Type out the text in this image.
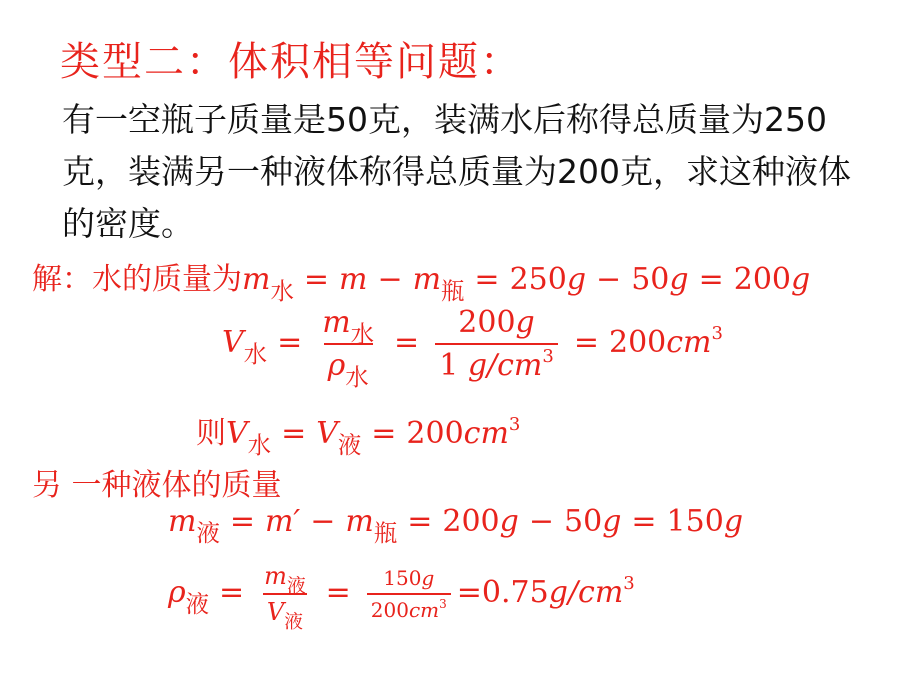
类型二：体积相等问题：
有一空瓶子质量是50克，装满水后称得总质量为250克，装满另一种液体称得总质量为200克，求这种液体的密度。
解：水的质量为$m_水 = m - m_瓶 = 250g - 50g = 200g$
$V_水 = \frac{m_水}{\rho_水} = \frac{200g}{1 g/cm^3} = 200cm^3$
则$V_水 = V_液 = 200cm^3$
另 一种液体的质量
$m_液 = m' - m_瓶 = 200g - 50g = 150g$
$\rho_液 = \frac{m_液}{V_液} = \frac{150g}{200cm^3} =0.75g/cm^3$
